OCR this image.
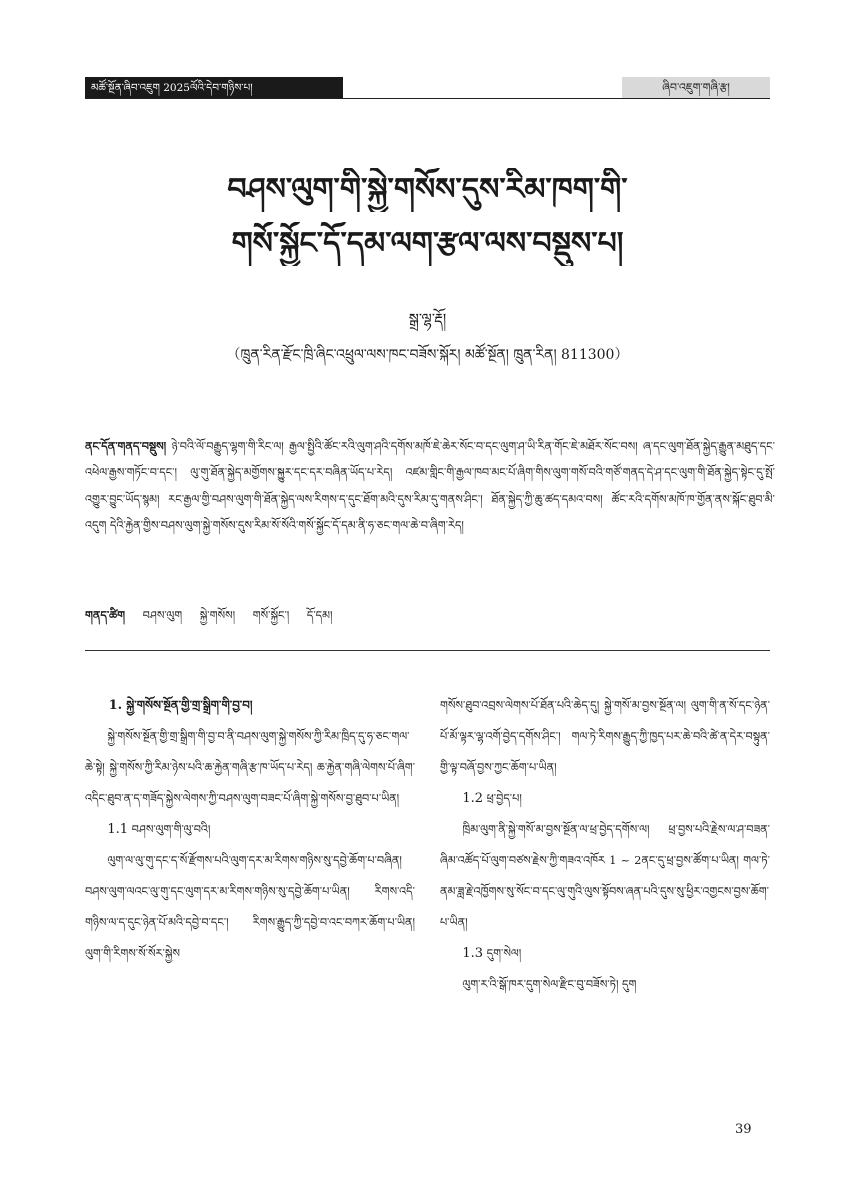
མཚོ་སྔོན་ཞིབ་འཇུག 2025ལོའི་དེབ་གཉིས་པ།	ཞིབ་འཇུག་གཞི་རྩ།
བཤས་ལུག་གི་སྐྱེ་གསོས་དུས་རིམ་ཁག་གི་
གསོ་སྐྱོང་དོ་དམ་ལག་རྩལ་ལས་བསྡུས་པ།
སྒྲ་ལྷ་རྡོ།
（ཁྲུན་རིན་རྫོང་ཁྲི་ཞིང་འཕྲུལ་ལས་ཁང་བཟོས་སྐོར། མཚོ་སྔོན། ཁྲུན་རིན། 811300）
ནང་དོན་གནད་བསྡུས། ཉེ་བའི་ལོ་བརྒྱུད་ལྷག་གི་རིང་ལ། རྒྱལ་སྤྱིའི་ཚོང་རའི་ལུག་ཤའི་དགོས་མཁོ་ཇེ་ཆེར་སོང་བ་དང་ལུག་ཤ་ཡི་རིན་གོང་ཇེ་མཐོར་སོང་བས། ཞ་དང་ལུག་ཐོན་སྐྱེད་རྒྱུན་མཐུད་དང་འཕེལ་རྒྱས་གཏོང་བ་དང་། ལུ་གུ་ཐོན་སྐྱེད་མགྱོགས་སྐྱུར་དང་དར་བཞིན་ཡོད་པ་རེད། འཛམ་གླིང་གི་རྒྱལ་ཁབ་མང་པོ་ཞིག་གིས་ལུག་གསོ་བའི་གཙོ་གནད་དེ་ཤ་དང་ལུག་གི་ཐོན་སྐྱེད་སྟེང་དུ་སྤོ་འགྱུར་བྱུང་ཡོད་སྙམ། རང་རྒྱལ་གྱི་བཤས་ལུག་གི་ཐོན་སྐྱེད་ལས་རིགས་ད་དུང་ཐོག་མའི་དུས་རིམ་དུ་གནས་ཤིང་། ཐོན་སྐྱེད་ཀྱི་ཆུ་ཚད་དམའ་བས། ཚོང་རའི་དགོས་མཁོ་ཁ་གྱོན་ནས་སྐོང་ཐུབ་མི་འདུག དེའི་རྐྱེན་གྱིས་བཤས་ལུག་སྐྱེ་གསོས་དུས་རིམ་སོ་སོའི་གསོ་སྐྱོང་དོ་དམ་ནི་ཧ་ཅང་གལ་ཆེ་བ་ཞིག་རེད།
གནད་ཚིག བཤས་ལུག སྐྱེ་གསོས། གསོ་སྐྱོང་། དོ་དམ།
1. སྐྱེ་གསོས་སྔོན་གྱི་གྲ་སྒྲིག་གི་བྱ་བ།

སྐྱེ་གསོས་སྔོན་གྱི་གྲ་སྒྲིག་གི་བྱ་བ་ནི་བཤས་ལུག་སྐྱེ་གསོས་ཀྱི་རིམ་ཁྲིད་དུ་ཧ་ཅང་གལ་ཆེ་སྟེ། སྐྱེ་གསོས་ཀྱི་རིམ་ཉེས་པའི་ཆ་རྐྱེན་གཞི་རྩ་ཁ་ཡོད་པ་རེད། ཆ་རྐྱེན་གཞི་ལེགས་པོ་ཞིག་འདིང་ཐུབ་ན་ད་གཟོད་སྐྱེས་ལེགས་ཀྱི་བཤས་ལུག་བཟང་པོ་ཞིག་སྐྱེ་གསོས་བྱ་ཐུབ་པ་ཡིན།

1.1 བཤས་ལུག་གི་ལུ་བའི།

ལུག་ལ་ལུ་གུ་དང་ད་སོ་རྫོགས་པའི་ལུག་དར་མ་རིགས་གཉིས་སུ་དབྱེ་ཆོག་པ་བཞིན། བཤས་ལུག་ལའང་ལུ་གུ་དང་ལུག་དར་མ་རིགས་གཉིས་སུ་དབྱེ་ཆོག་པ་ཡིན། རིགས་འདི་གཉིས་ལ་ད་དུང་ཉེན་པོ་མའི་དབྱེ་བ་དང་། རིགས་རྒྱུད་ཀྱི་དབྱེ་བ་འང་བཀར་ཆོག་པ་ཡིན། ལུག་གི་རིགས་སོ་སོར་སྐྱེས

གསོས་ཐུབ་འབྲས་ལེགས་པོ་ཐོན་པའི་ཆེད་དུ། སྐྱེ་གསོ་མ་བྱས་སྔོན་ལ། ལུག་གི་ན་སོ་དང་ཉེན་པོ་མོ་ལྟར་ལྷ་འགོ་བྱེད་དགོས་ཤིང་། གལ་ཏེ་རིགས་རྒྱུད་ཀྱི་ཁྱད་པར་ཆེ་བའི་ཚེ་ན་དེར་བསྟུན་གྱི་ལྟ་བཞོ་བྱས་ཀྱང་ཆོག་པ་ཡིན།

1.2 ཕྲ་བྱེད་པ།

ཁྲིམ་ལུག་ནི་སྐྱེ་གསོ་མ་བྱས་སྔོན་ལ་ཕྲ་བྱེད་དགོས་ལ། ཕྲ་བྱས་པའི་རྗེས་ལ་ཤ་བཟན་ཞིམ་འཚོད་པོ་ལུག་བཙས་རྗེས་ཀྱི་གཟའ་འཁོར 1 ~ 2ནང་དུ་ཕྲ་བྱས་ཚོག་པ་ཡིན། གལ་ཏེ་ནམ་ཟླ་རྗེ་འཁྱོགས་སུ་སོང་བ་དང་ལུ་གུའི་ལུས་སྟོབས་ཞན་པའི་དུས་སུ་ཕྱིར་འགྱངས་བྱས་ཆོག་པ་ཡིན།

1.3 དུག་སེལ།

ལུག་ར་འི་སྒོ་ཁར་དུག་སེལ་རྫིང་བུ་བཟོས་ཏེ། དུག

39
